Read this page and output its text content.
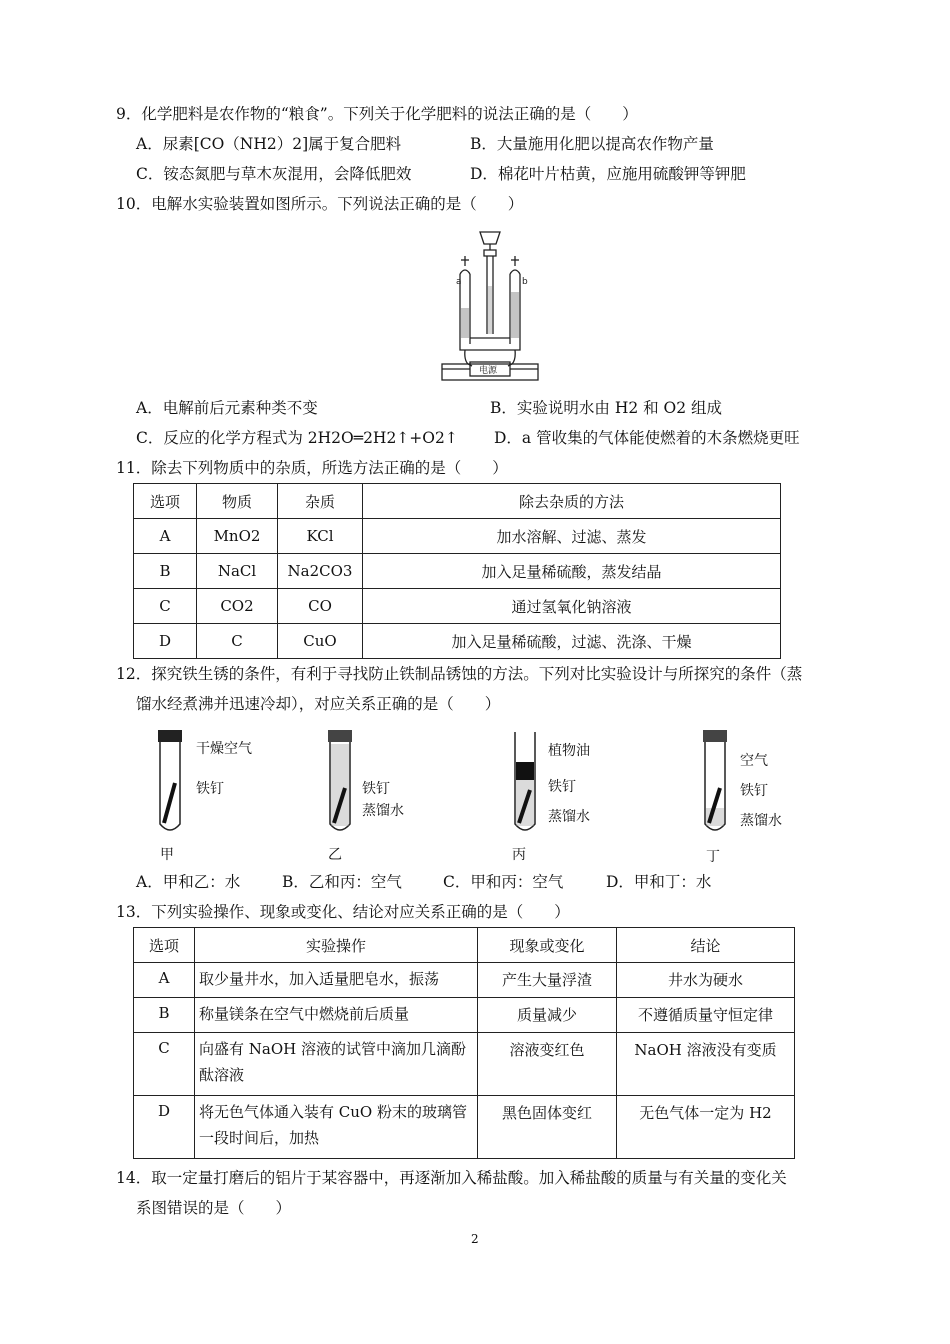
9．化学肥料是农作物的“粮食”。下列关于化学肥料的说法正确的是（　　）
A．尿素[CO（NH2）2]属于复合肥料	B．大量施用化肥以提高农作物产量
C．铵态氮肥与草木灰混用，会降低肥效	D．棉花叶片枯黄，应施用硫酸钾等钾肥
10．电解水实验装置如图所示。下列说法正确的是（　　）
a	b
电源
A．电解前后元素种类不变	B．实验说明水由 H2 和 O2 组成
C．反应的化学方程式为 2H2O═2H2↑+O2↑ D．a 管收集的气体能使燃着的木条燃烧更旺
11．除去下列物质中的杂质，所选方法正确的是（　　）
选项	物质	杂质	除去杂质的方法
A	MnO2	KCl	加水溶解、过滤、蒸发
B	NaCl	Na2CO3	加入足量稀硫酸，蒸发结晶
C	CO2	CO	通过氢氧化钠溶液
D	C	CuO	加入足量稀硫酸，过滤、洗涤、干燥
12．探究铁生锈的条件，有利于寻找防止铁制品锈蚀的方法。下列对比实验设计与所探究的条件（蒸
馏水经煮沸并迅速冷却），对应关系正确的是（　　）
干燥空气
铁钉
甲
铁钉
蒸馏水
乙
植物油
铁钉
蒸馏水
丙
空气
铁钉
蒸馏水
丁
A．甲和乙：水	B．乙和丙：空气	C．甲和丙：空气	D．甲和丁：水
13．下列实验操作、现象或变化、结论对应关系正确的是（　　）
选项	实验操作	现象或变化	结论
A	取少量井水，加入适量肥皂水，振荡	产生大量浮渣	井水为硬水
B	称量镁条在空气中燃烧前后质量	质量减少	不遵循质量守恒定律
C	向盛有 NaOH 溶液的试管中滴加几滴酚酞溶液	溶液变红色	NaOH 溶液没有变质
D	将无色气体通入装有 CuO 粉末的玻璃管一段时间后，加热	黑色固体变红	无色气体一定为 H2
14．取一定量打磨后的铝片于某容器中，再逐渐加入稀盐酸。加入稀盐酸的质量与有关量的变化关
系图错误的是（　　）
2
